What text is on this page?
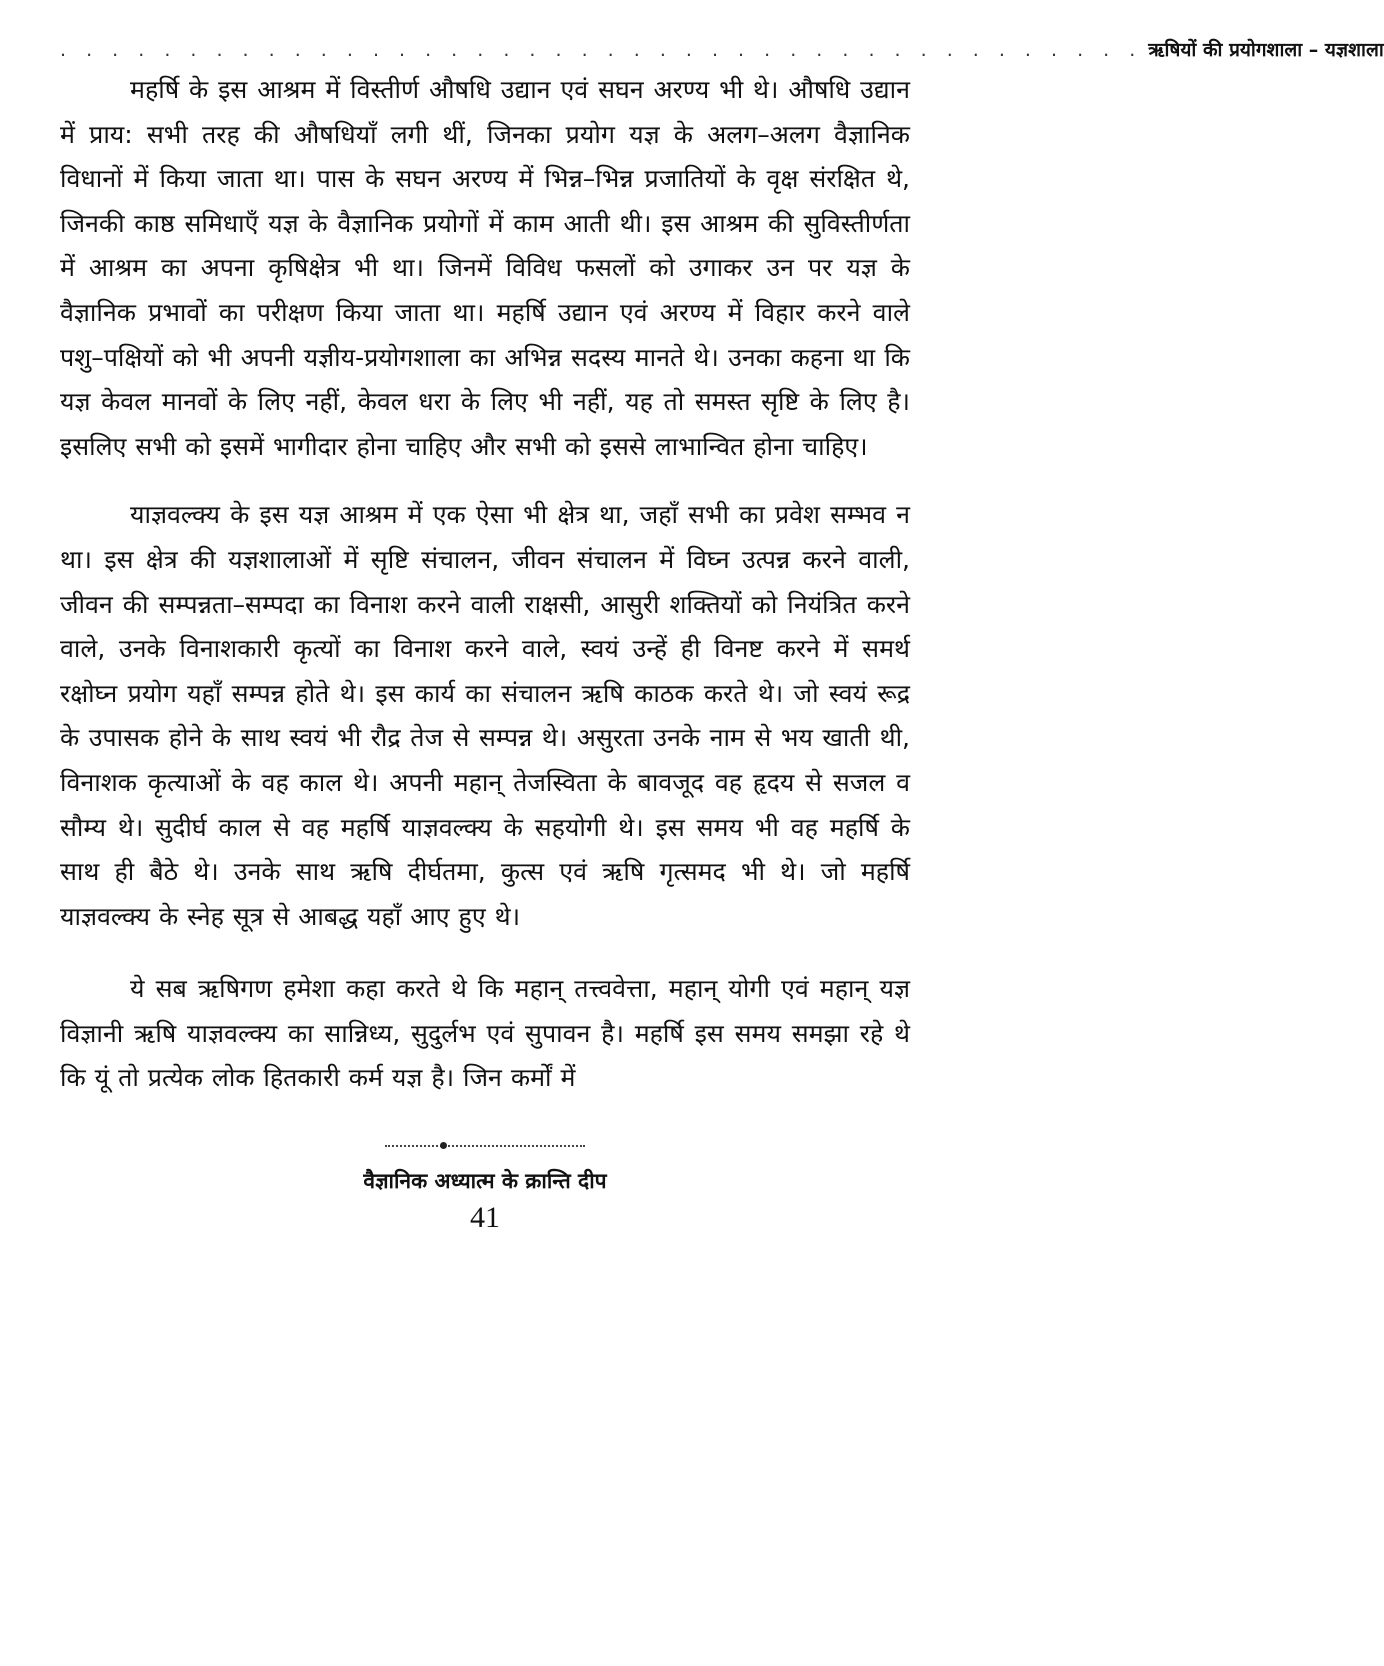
. . . . . . . . . . . . . . . . . . . . . . . . . . . . . . . . . . . . . . . . . . ऋषियों की प्रयोगशाला – यज्ञशाला

महर्षि के इस आश्रम में विस्तीर्ण औषधि उद्यान एवं सघन अरण्य भी थे। औषधि उद्यान में प्राय: सभी तरह की औषधियाँ लगी थीं, जिनका प्रयोग यज्ञ के अलग–अलग वैज्ञानिक विधानों में किया जाता था। पास के सघन अरण्य में भिन्न–भिन्न प्रजातियों के वृक्ष संरक्षित थे, जिनकी काष्ठ समिधाएँ यज्ञ के वैज्ञानिक प्रयोगों में काम आती थी। इस आश्रम की सुविस्तीर्णता में आश्रम का अपना कृषिक्षेत्र भी था। जिनमें विविध फसलों को उगाकर उन पर यज्ञ के वैज्ञानिक प्रभावों का परीक्षण किया जाता था। महर्षि उद्यान एवं अरण्य में विहार करने वाले पशु–पक्षियों को भी अपनी यज्ञीय-प्रयोगशाला का अभिन्न सदस्य मानते थे। उनका कहना था कि यज्ञ केवल मानवों के लिए नहीं, केवल धरा के लिए भी नहीं, यह तो समस्त सृष्टि के लिए है। इसलिए सभी को इसमें भागीदार होना चाहिए और सभी को इससे लाभान्वित होना चाहिए।

याज्ञवल्क्य के इस यज्ञ आश्रम में एक ऐसा भी क्षेत्र था, जहाँ सभी का प्रवेश सम्भव न था। इस क्षेत्र की यज्ञशालाओं में सृष्टि संचालन, जीवन संचालन में विघ्न उत्पन्न करने वाली, जीवन की सम्पन्नता–सम्पदा का विनाश करने वाली राक्षसी, आसुरी शक्तियों को नियंत्रित करने वाले, उनके विनाशकारी कृत्यों का विनाश करने वाले, स्वयं उन्हें ही विनष्ट करने में समर्थ रक्षोघ्न प्रयोग यहाँ सम्पन्न होते थे। इस कार्य का संचालन ऋषि काठक करते थे। जो स्वयं रूद्र के उपासक होने के साथ स्वयं भी रौद्र तेज से सम्पन्न थे। असुरता उनके नाम से भय खाती थी, विनाशक कृत्याओं के वह काल थे। अपनी महान् तेजस्विता के बावजूद वह हृदय से सजल व सौम्य थे। सुदीर्घ काल से वह महर्षि याज्ञवल्क्य के सहयोगी थे। इस समय भी वह महर्षि के साथ ही बैठे थे। उनके साथ ऋषि दीर्घतमा, कुत्स एवं ऋषि गृत्समद भी थे। जो महर्षि याज्ञवल्क्य के स्नेह सूत्र से आबद्ध यहाँ आए हुए थे।

ये सब ऋषिगण हमेशा कहा करते थे कि महान् तत्त्ववेत्ता, महान् योगी एवं महान् यज्ञ विज्ञानी ऋषि याज्ञवल्क्य का सान्निध्य, सुदुर्लभ एवं सुपावन है। महर्षि इस समय समझा रहे थे कि यूं तो प्रत्येक लोक हितकारी कर्म यज्ञ है। जिन कर्मों में

वैज्ञानिक अध्यात्म के क्रान्ति दीप
41
